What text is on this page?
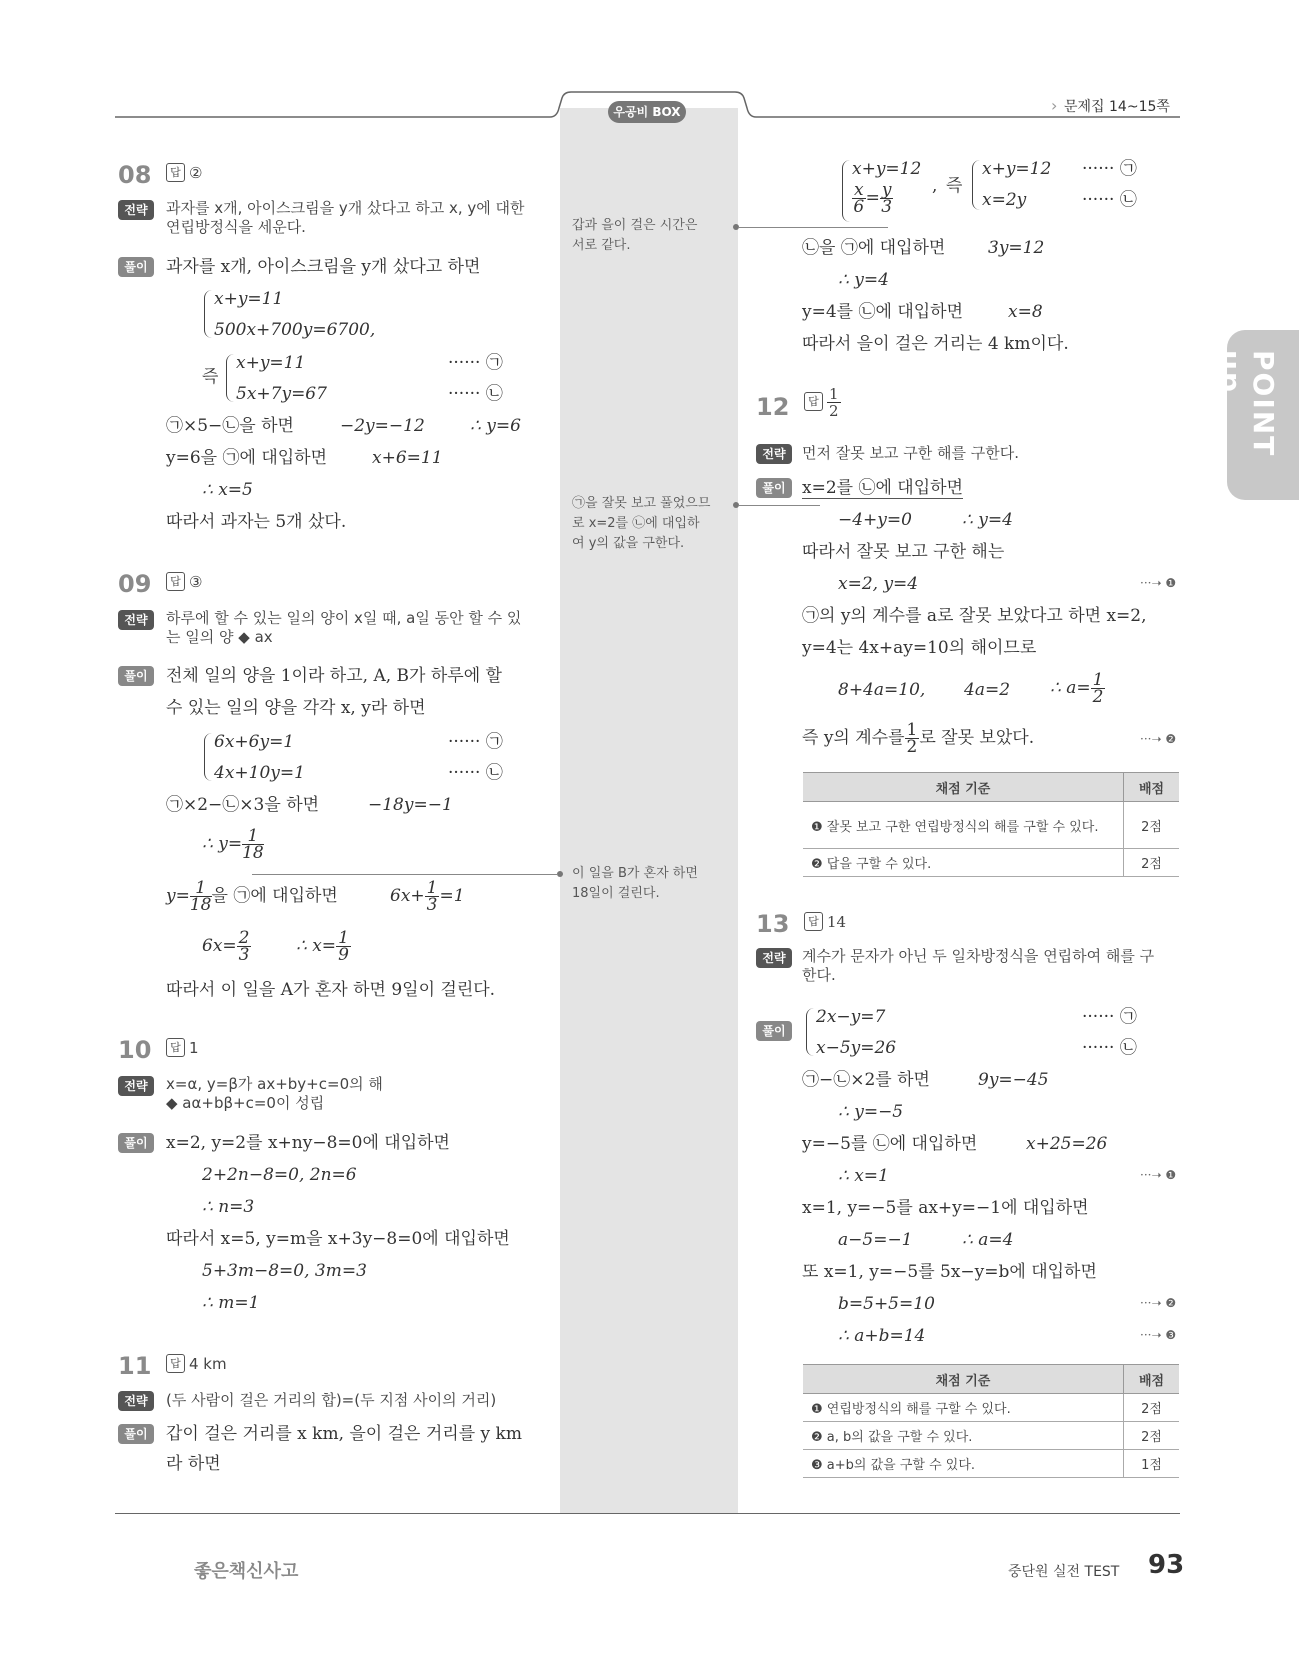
우공비 BOX	› 문제집 14~15쪽
POINT up
08	답 ②
전략	과자를 x개, 아이스크림을 y개 샀다고 하고 x, y에 대한
연립방정식을 세운다.
풀이	과자를 x개, 아이스크림을 y개 샀다고 하면
x+y=11
500x+700y=6700,
즉
x+y=11
5x+7y=67
······ ㉠
······ ㉡
㉠×5−㉡을 하면	−2y=−12	∴ y=6
y=6을 ㉠에 대입하면	x+6=11
∴ x=5
따라서 과자는 5개 샀다.
09	답 ③
전략	하루에 할 수 있는 일의 양이 x일 때, a일 동안 할 수 있
는 일의 양 ◆ ax
풀이	전체 일의 양을 1이라 하고, A, B가 하루에 할
수 있는 일의 양을 각각 x, y라 하면
6x+6y=1
4x+10y=1
······ ㉠
······ ㉡
㉠×2−㉡×3을 하면	−18y=−1
∴ $y= \frac{1}{18}$
$y= \frac{1}{18}$ 을 ㉠에 대입하면	$6x+ \frac{1}{3} =1$
$6x= \frac{2}{3}$	∴ $x= \frac{1}{9}$
따라서 이 일을 A가 혼자 하면 9일이 걸린다.
10	답 1
전략	x=α, y=β가 ax+by+c=0의 해
◆ aα+bβ+c=0이 성립
풀이	x=2, y=2를 x+ny−8=0에 대입하면
2+2n−8=0, 2n=6
∴ n=3
따라서 x=5, y=m을 x+3y−8=0에 대입하면
5+3m−8=0, 3m=3
∴ m=1
11	답 4 km
전략	(두 사람이 걸은 거리의 합)=(두 지점 사이의 거리)
풀이	갑이 걸은 거리를 x km, 을이 걸은 거리를 y km
라 하면
x+y=12
$\frac{x}{6} = \frac{y}{3}$ , 즉
x+y=12
x=2y
······ ㉠
······ ㉡
㉡을 ㉠에 대입하면	3y=12
∴ y=4
y=4를 ㉡에 대입하면	x=8
따라서 을이 걸은 거리는 4 km이다.
12	답 $\frac{1}{2}$
전략	먼저 잘못 보고 구한 해를 구한다.
풀이 x=2를 ㉡에 대입하면
−4+y=0	∴ y=4
따라서 잘못 보고 구한 해는
x=2, y=4	···➝ ❶
㉠의 y의 계수를 a로 잘못 보았다고 하면 x=2,
y=4는 4x+ay=10의 해이므로
8+4a=10, 4a=2 ∴ $a= \frac{1}{2}$
즉 y의 계수를 $\frac{1}{2}$ 로 잘못 보았다.	···➝ ❷
채점 기준	배점
❶ 잘못 보고 구한 연립방정식의 해를 구할 수 있다.	2점
❷ 답을 구할 수 있다.	2점
13	답 14
전략	계수가 문자가 아닌 두 일차방정식을 연립하여 해를 구
한다.
풀이
2x−y=7
x−5y=26
······ ㉠
······ ㉡
㉠−㉡×2를 하면	9y=−45
∴ y=−5
y=−5를 ㉡에 대입하면	x+25=26
∴ x=1	···➝ ❶
x=1, y=−5를 ax+y=−1에 대입하면
a−5=−1	∴ a=4
또 x=1, y=−5를 5x−y=b에 대입하면
b=5+5=10	···➝ ❷
∴ a+b=14	···➝ ❸
채점 기준	배점
❶ 연립방정식의 해를 구할 수 있다.	2점
❷ a, b의 값을 구할 수 있다.	2점
❸ a+b의 값을 구할 수 있다.	1점
갑과 을이 걸은 시간은
서로 같다.
㉠을 잘못 보고 풀었으므
로 x=2를 ㉡에 대입하
여 y의 값을 구한다.
이 일을 B가 혼자 하면
18일이 걸린다.
좋은책신사고	중단원 실전 TEST 93
